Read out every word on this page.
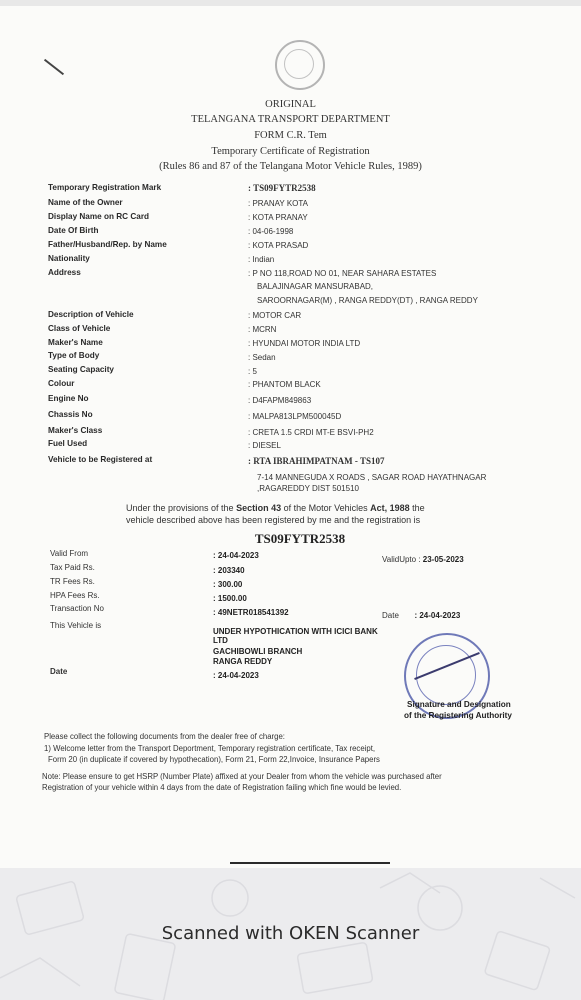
ORIGINAL
TELANGANA TRANSPORT DEPARTMENT
FORM C.R. Tem
Temporary Certificate of Registration
(Rules 86 and 87 of the Telangana Motor Vehicle Rules, 1989)
Temporary Registration Mark	: TS09FYTR2538
Name of the Owner	: PRANAY KOTA
Display Name on RC Card	: KOTA PRANAY
Date Of Birth	: 04-06-1998
Father/Husband/Rep. by Name	: KOTA PRASAD
Nationality	: Indian
Address	: P NO 118,ROAD NO 01, NEAR SAHARA ESTATES
BALAJINAGAR MANSURABAD,
SAROORNAGAR(M) , RANGA REDDY(DT) , RANGA REDDY
Description of Vehicle	: MOTOR CAR
Class of Vehicle	: MCRN
Maker's Name	: HYUNDAI MOTOR INDIA LTD
Type of Body	: Sedan
Seating Capacity	: 5
Colour	: PHANTOM BLACK
Engine No	: D4FAPM849863
Chassis No	: MALPA813LPM500045D
Maker's Class	: CRETA 1.5 CRDI MT-E BSVI-PH2
Fuel Used	: DIESEL
Vehicle to be Registered at	: RTA IBRAHIMPATNAM - TS107
7-14 MANNEGUDA X ROADS , SAGAR ROAD HAYATHNAGAR
,RAGAREDDY DIST 501510
Under the provisions of the Section 43 of the Motor Vehicles Act, 1988 the
vehicle described above has been registered by me and the registration is
TS09FYTR2538
Valid From	: 24-04-2023	ValidUpto : 23-05-2023
Tax Paid Rs.	: 203340
TR Fees Rs.	: 300.00
HPA Fees Rs.	: 1500.00
Transaction No	: 49NETR018541392	Date : 24-04-2023
This Vehicle is
UNDER HYPOTHICATION WITH ICICI BANK
LTD
GACHIBOWLI BRANCH
RANGA REDDY
Date	: 24-04-2023
Signature and Designation
of the Registering Authority
Please collect the following documents from the dealer free of charge:
1) Welcome letter from the Transport Deportment, Temporary registration certificate, Tax receipt,
Form 20 (in duplicate if covered by hypothecation), Form 21, Form 22,Invoice, Insurance Papers
Note: Please ensure to get HSRP (Number Plate) affixed at your Dealer from whom the vehicle was purchased after
Registration of your vehicle within 4 days from the date of Registration failing which fine would be levied.
Scanned with OKEN Scanner
